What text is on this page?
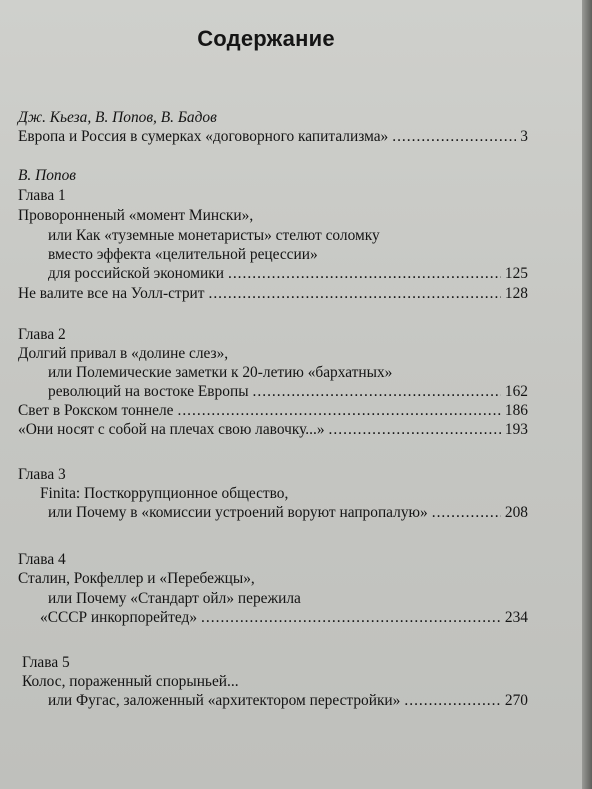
Содержание
Дж. Кьеза, В. Попов, В. Бадов
Европа и Россия в сумерках «договорного капитализма» .....	3
В. Попов
Глава 1
Проворонненый «момент Мински»,
или Как «туземные монетаристы» стелют соломку
вместо эффекта «целительной рецессии»
для российской экономики .....	125
Не валите все на Уолл-стрит .....	128
Глава 2
Долгий привал в «долине слез»,
или Полемические заметки к 20-летию «бархатных»
революций на востоке Европы .....	162
Свет в Рокском тоннеле .....	186
«Они носят с собой на плечах свою лавочку...» .....	193
Глава 3
Finita: Посткоррупционное общество,
или Почему в «комиссии устроений воруют напропалую» .....	208
Глава 4
Сталин, Рокфеллер и «Перебежцы»,
или Почему «Стандарт ойл» пережила
«СССР инкорпорейтед» .....	234
Глава 5
Колос, пораженный спорыньей...
или Фугас, заложенный «архитектором перестройки» .....	270
